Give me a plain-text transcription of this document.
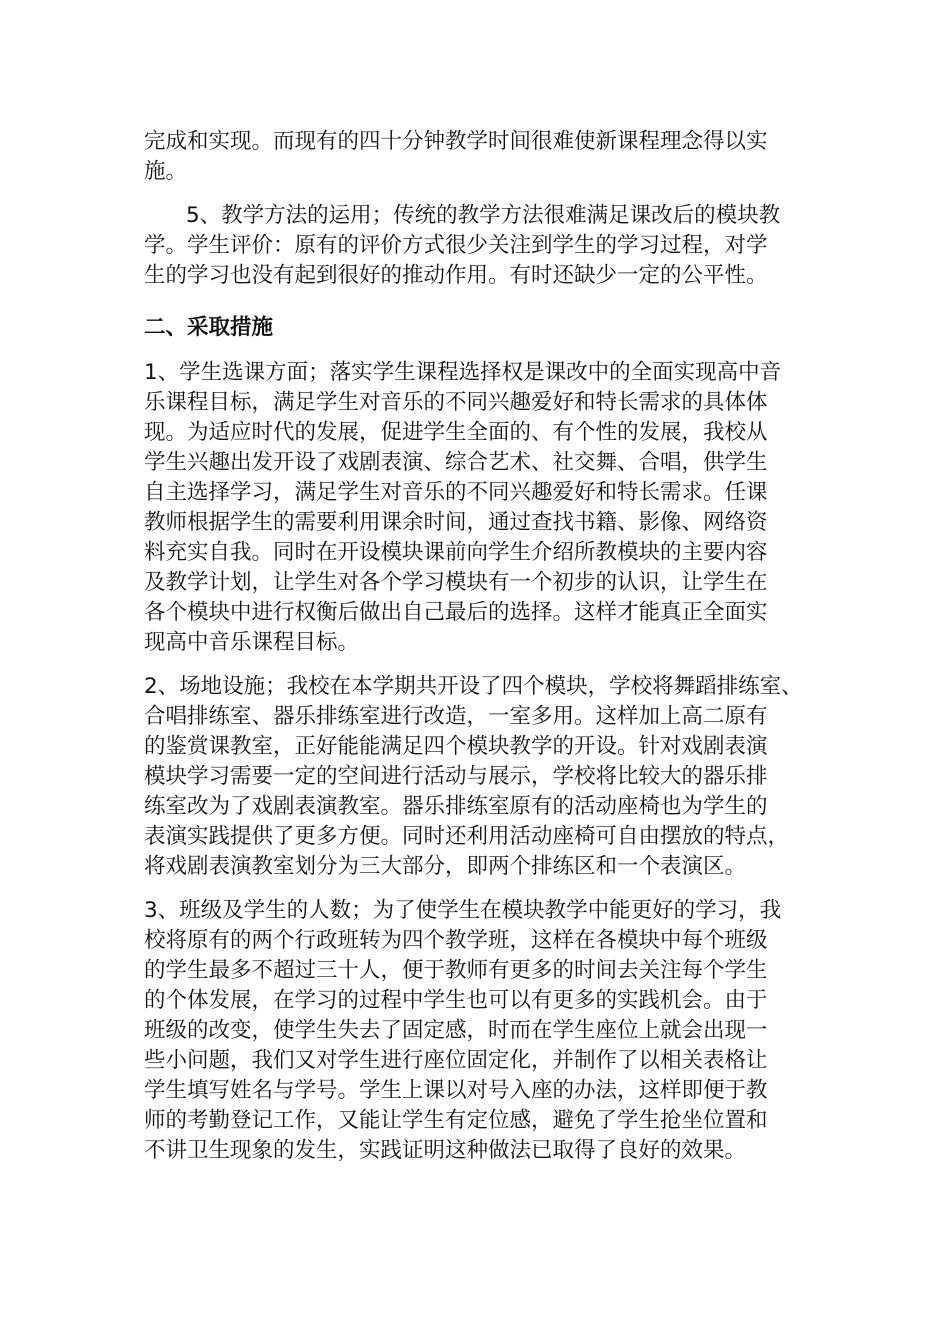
完成和实现。而现有的四十分钟教学时间很难使新课程理念得以实
施。
5、教学方法的运用；传统的教学方法很难满足课改后的模块教
学。学生评价：原有的评价方式很少关注到学生的学习过程，对学
生的学习也没有起到很好的推动作用。有时还缺少一定的公平性。
二、采取措施
1、学生选课方面；落实学生课程选择权是课改中的全面实现高中音
乐课程目标，满足学生对音乐的不同兴趣爱好和特长需求的具体体
现。为适应时代的发展，促进学生全面的、有个性的发展，我校从
学生兴趣出发开设了戏剧表演、综合艺术、社交舞、合唱，供学生
自主选择学习，满足学生对音乐的不同兴趣爱好和特长需求。任课
教师根据学生的需要利用课余时间，通过查找书籍、影像、网络资
料充实自我。同时在开设模块课前向学生介绍所教模块的主要内容
及教学计划，让学生对各个学习模块有一个初步的认识，让学生在
各个模块中进行权衡后做出自己最后的选择。这样才能真正全面实
现高中音乐课程目标。
2、场地设施；我校在本学期共开设了四个模块，学校将舞蹈排练室、
合唱排练室、器乐排练室进行改造，一室多用。这样加上高二原有
的鉴赏课教室，正好能能满足四个模块教学的开设。针对戏剧表演
模块学习需要一定的空间进行活动与展示，学校将比较大的器乐排
练室改为了戏剧表演教室。器乐排练室原有的活动座椅也为学生的
表演实践提供了更多方便。同时还利用活动座椅可自由摆放的特点，
将戏剧表演教室划分为三大部分，即两个排练区和一个表演区。
3、班级及学生的人数；为了使学生在模块教学中能更好的学习，我
校将原有的两个行政班转为四个教学班，这样在各模块中每个班级
的学生最多不超过三十人，便于教师有更多的时间去关注每个学生
的个体发展，在学习的过程中学生也可以有更多的实践机会。由于
班级的改变，使学生失去了固定感，时而在学生座位上就会出现一
些小问题，我们又对学生进行座位固定化，并制作了以相关表格让
学生填写姓名与学号。学生上课以对号入座的办法，这样即便于教
师的考勤登记工作，又能让学生有定位感，避免了学生抢坐位置和
不讲卫生现象的发生，实践证明这种做法已取得了良好的效果。
